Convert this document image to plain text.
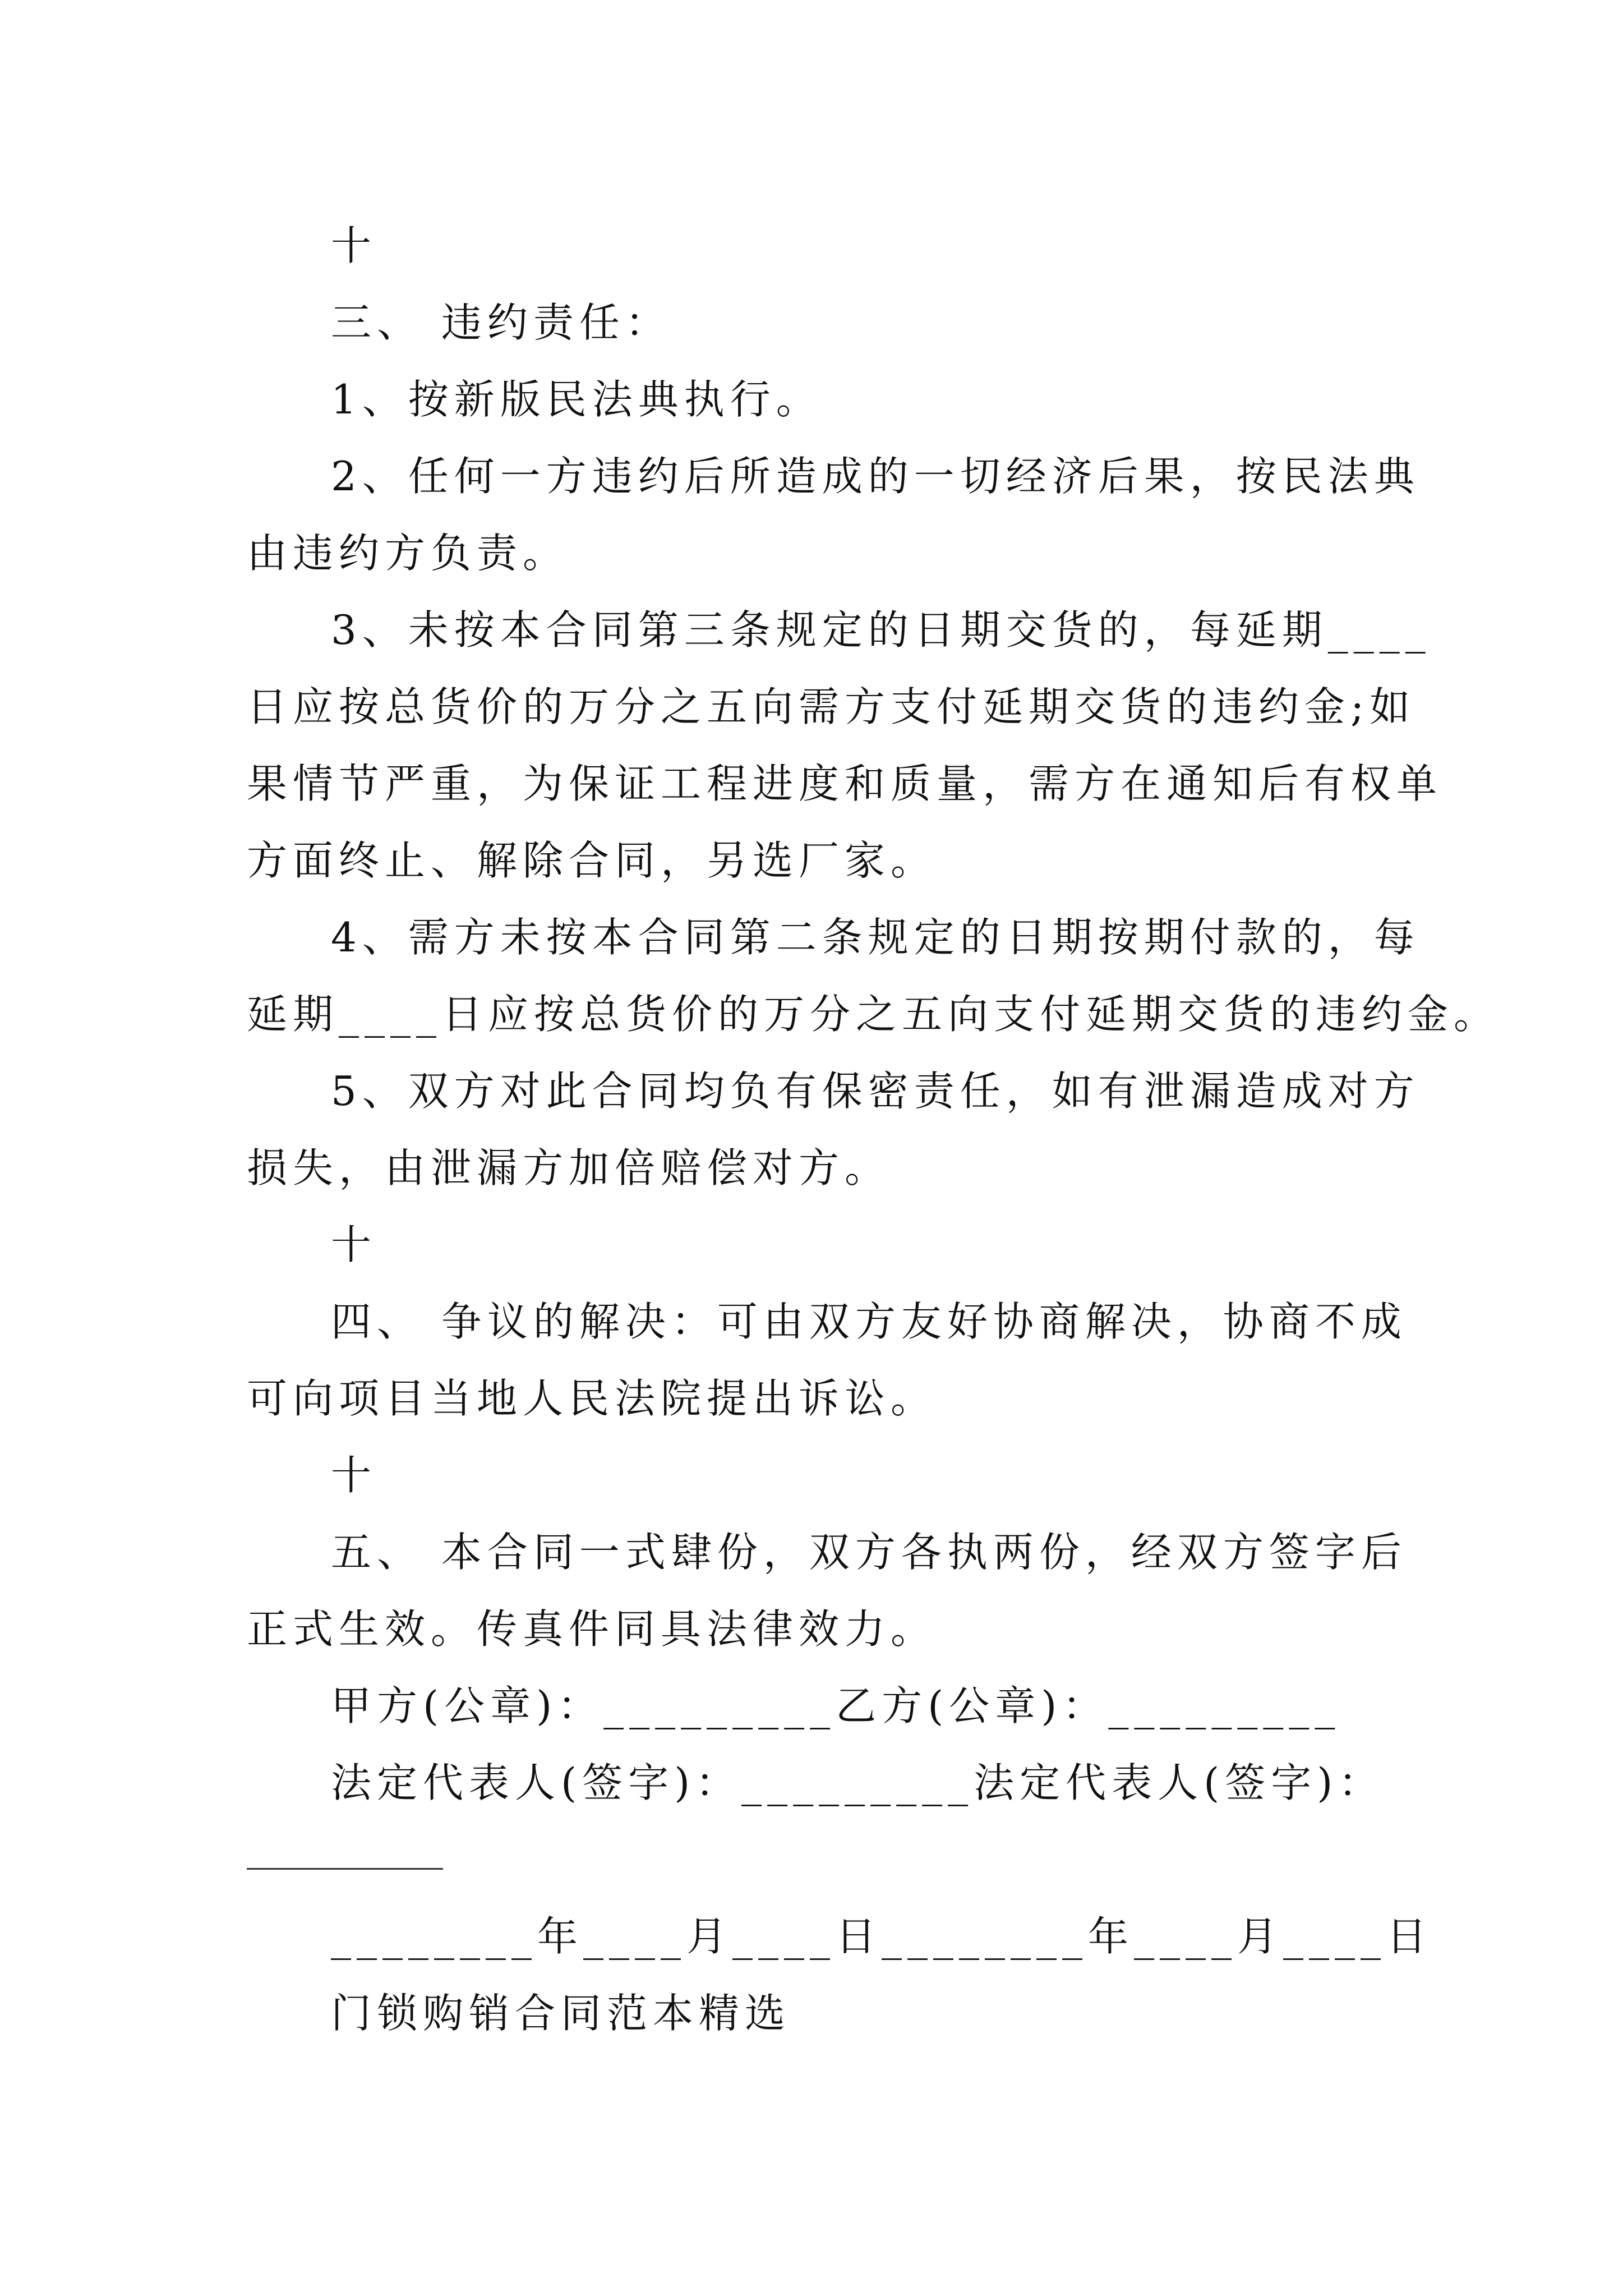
十
三、 违约责任：
1、按新版民法典执行。
2、任何一方违约后所造成的一切经济后果，按民法典
由违约方负责。
3、未按本合同第三条规定的日期交货的，每延期____
日应按总货价的万分之五向需方支付延期交货的违约金;如
果情节严重，为保证工程进度和质量，需方在通知后有权单
方面终止、解除合同，另选厂家。
4、需方未按本合同第二条规定的日期按期付款的，每
延期____日应按总货价的万分之五向支付延期交货的违约金。
5、双方对此合同均负有保密责任，如有泄漏造成对方
损失，由泄漏方加倍赔偿对方。
十
四、 争议的解决：可由双方友好协商解决，协商不成
可向项目当地人民法院提出诉讼。
十
五、 本合同一式肆份，双方各执两份，经双方签字后
正式生效。传真件同具法律效力。
甲方(公章)：_________乙方(公章)：_________
法定代表人(签字)：_________法定代表人(签字)：
________年____月____日________年____月____日
门锁购销合同范本精选
